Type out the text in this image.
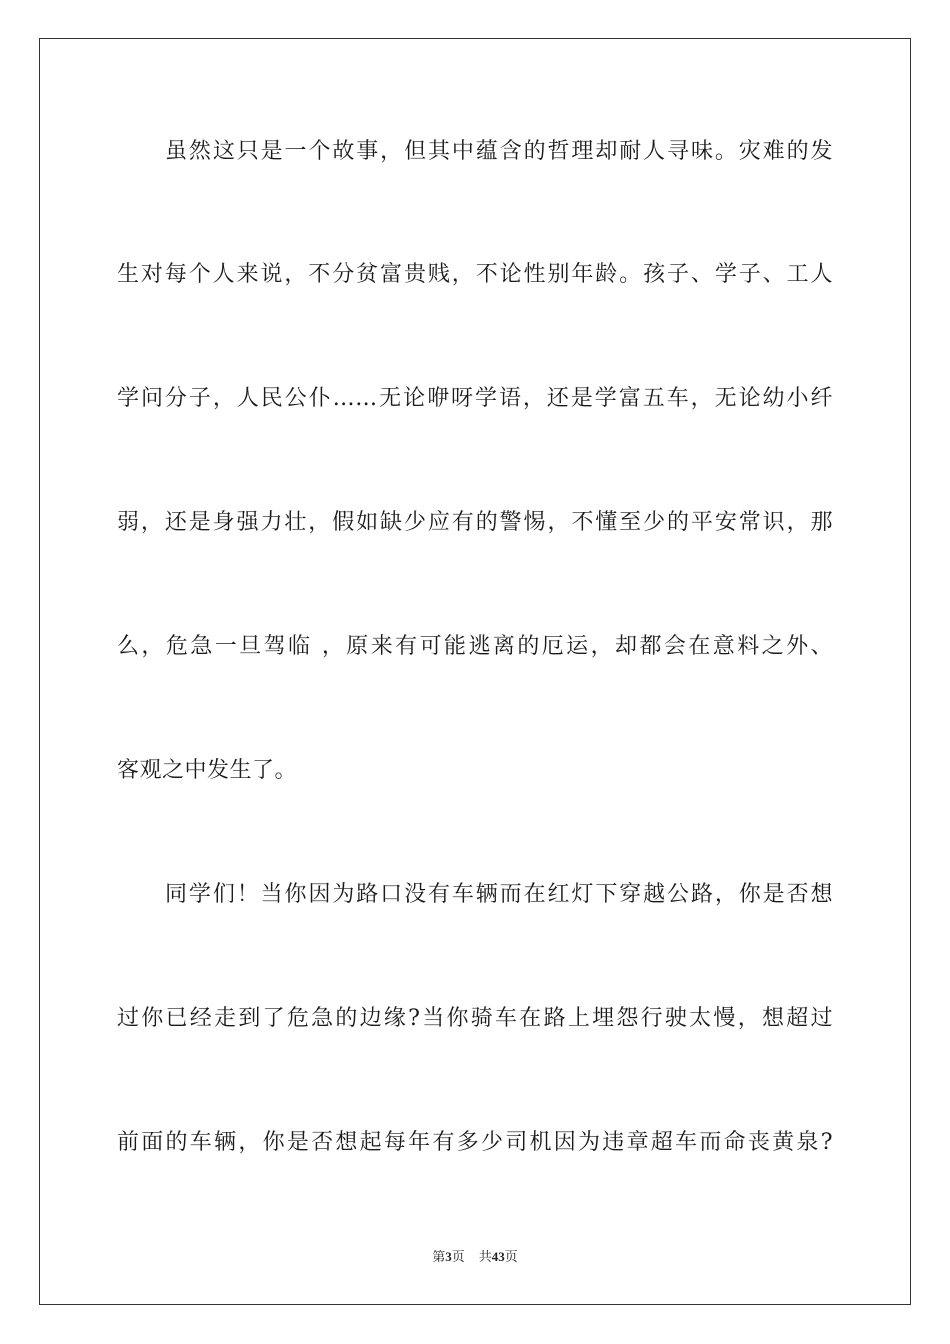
虽然这只是一个故事，但其中蕴含的哲理却耐人寻味。灾难的发
生对每个人来说，不分贫富贵贱，不论性别年龄。孩子、学子、工人
学问分子，人民公仆……无论咿呀学语，还是学富五车，无论幼小纤
弱，还是身强力壮，假如缺少应有的警惕，不懂至少的平安常识，那
么，危急一旦驾临 ，原来有可能逃离的厄运，却都会在意料之外、
客观之中发生了。
同学们！当你因为路口没有车辆而在红灯下穿越公路，你是否想
过你已经走到了危急的边缘?当你骑车在路上埋怨行驶太慢，想超过
前面的车辆，你是否想起每年有多少司机因为违章超车而命丧黄泉?
第3页 共43页
